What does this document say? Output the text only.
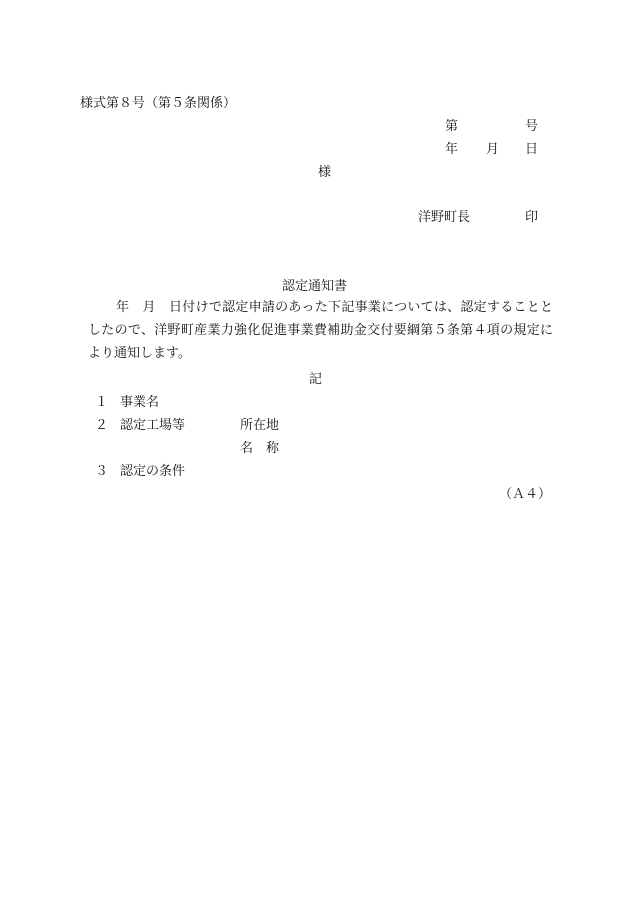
様式第８号（第５条関係）
第	号
年 月 日
様
洋野町長	印
認定通知書
年　月　日付けで認定申請のあった下記事業については、認定することとしたので、洋野町産業力強化促進事業費補助金交付要綱第５条第４項の規定により通知します。
記
１ 事業名
２ 認定工場等	所在地
名　称
３ 認定の条件
（Ａ４）
